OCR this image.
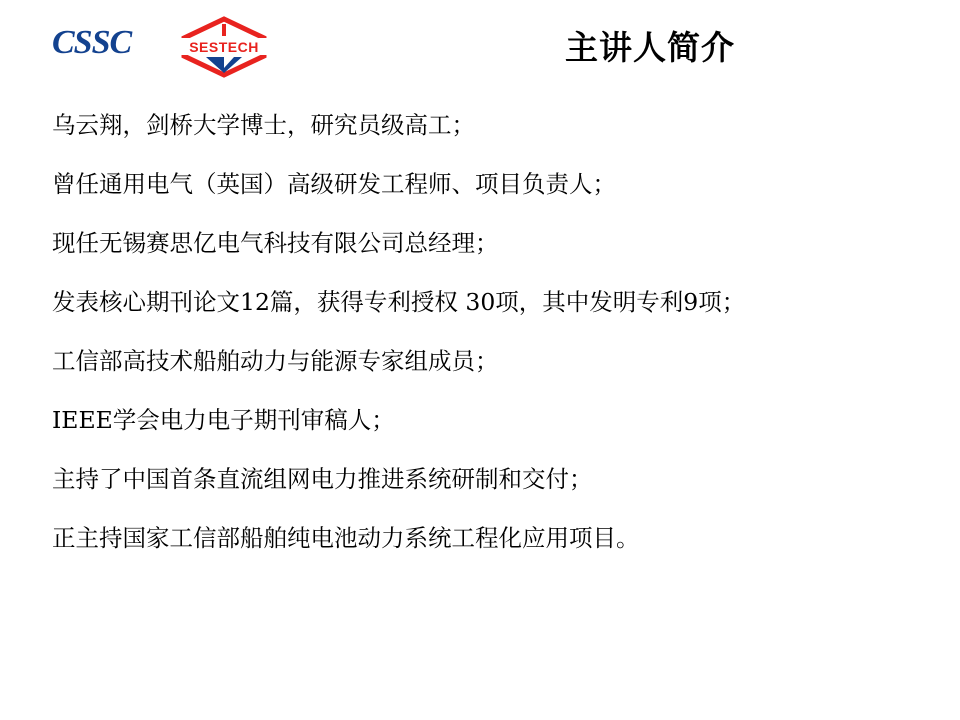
CSSC	SESTECH	主讲人简介

乌云翔，剑桥大学博士，研究员级高工；

曾任通用电气（英国）高级研发工程师、项目负责人；

现任无锡赛思亿电气科技有限公司总经理；

发表核心期刊论文12篇，获得专利授权 30项，其中发明专利9项；

工信部高技术船舶动力与能源专家组成员；

IEEE学会电力电子期刊审稿人；

主持了中国首条直流组网电力推进系统研制和交付；

正主持国家工信部船舶纯电池动力系统工程化应用项目。
